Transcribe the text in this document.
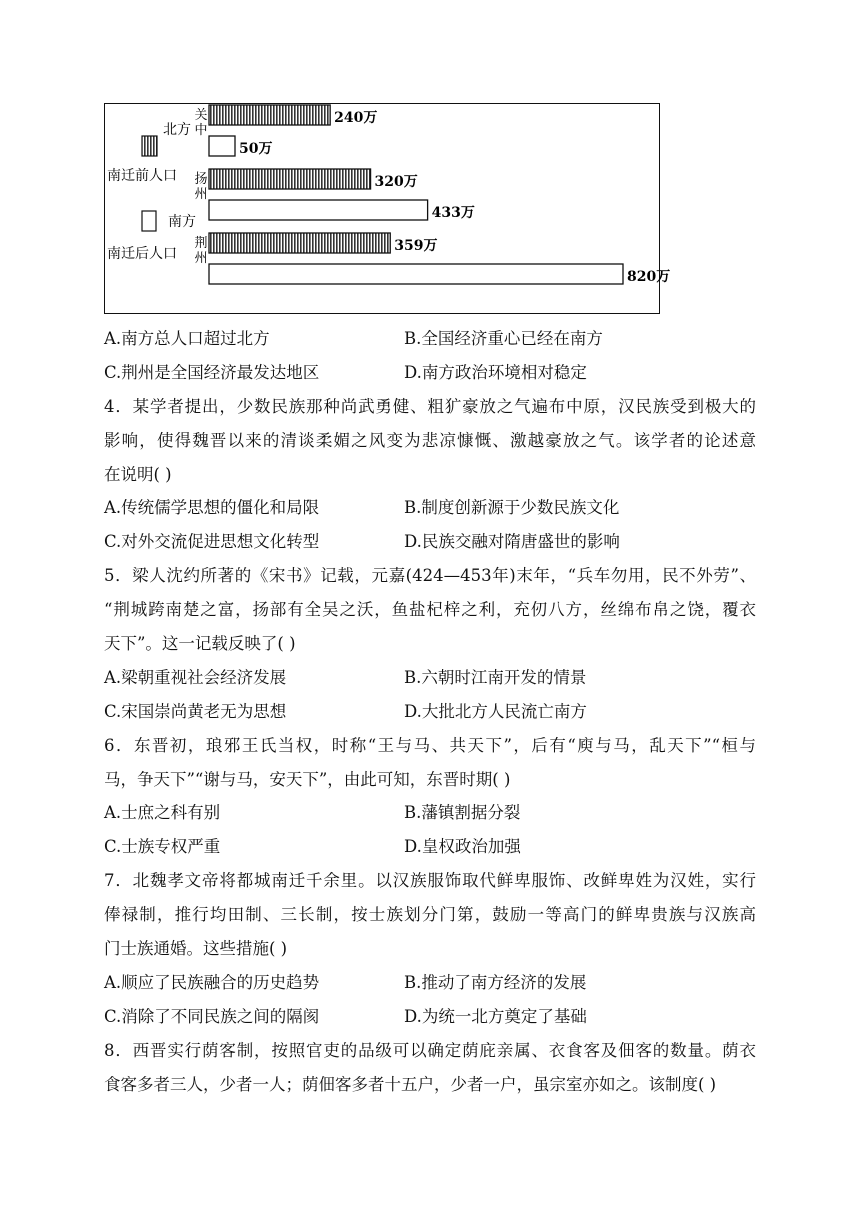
北方
南迁前人口
南方
南迁后人口
关中
扬州
荆州
240万
50万
320万
433万
359万
820万
A.南方总人口超过北方	B.全国经济重心已经在南方
C.荆州是全国经济最发达地区	D.南方政治环境相对稳定
4．某学者提出，少数民族那种尚武勇健、粗犷豪放之气遍布中原，汉民族受到极大的
影响，使得魏晋以来的清谈柔媚之风变为悲凉慷慨、激越豪放之气。该学者的论述意
在说明( )
A.传统儒学思想的僵化和局限	B.制度创新源于少数民族文化
C.对外交流促进思想文化转型	D.民族交融对隋唐盛世的影响
5．梁人沈约所著的《宋书》记载，元嘉(424—453年)末年，“兵车勿用，民不外劳”、
“荆城跨南楚之富，扬部有全吴之沃，鱼盐杞梓之利，充仞八方，丝绵布帛之饶，覆衣
天下”。这一记载反映了( )
A.梁朝重视社会经济发展	B.六朝时江南开发的情景
C.宋国崇尚黄老无为思想	D.大批北方人民流亡南方
6．东晋初，琅邪王氏当权，时称“王与马、共天下”，后有“庾与马，乱天下”“桓与
马，争天下”“谢与马，安天下”，由此可知，东晋时期( )
A.士庶之科有别	B.藩镇割据分裂
C.士族专权严重	D.皇权政治加强
7．北魏孝文帝将都城南迁千余里。以汉族服饰取代鲜卑服饰、改鲜卑姓为汉姓，实行
俸禄制，推行均田制、三长制，按士族划分门第，鼓励一等高门的鲜卑贵族与汉族高
门士族通婚。这些措施( )
A.顺应了民族融合的历史趋势	B.推动了南方经济的发展
C.消除了不同民族之间的隔阂	D.为统一北方奠定了基础
8．西晋实行荫客制，按照官吏的品级可以确定荫庇亲属、衣食客及佃客的数量。荫衣
食客多者三人，少者一人；荫佃客多者十五户，少者一户，虽宗室亦如之。该制度( )
